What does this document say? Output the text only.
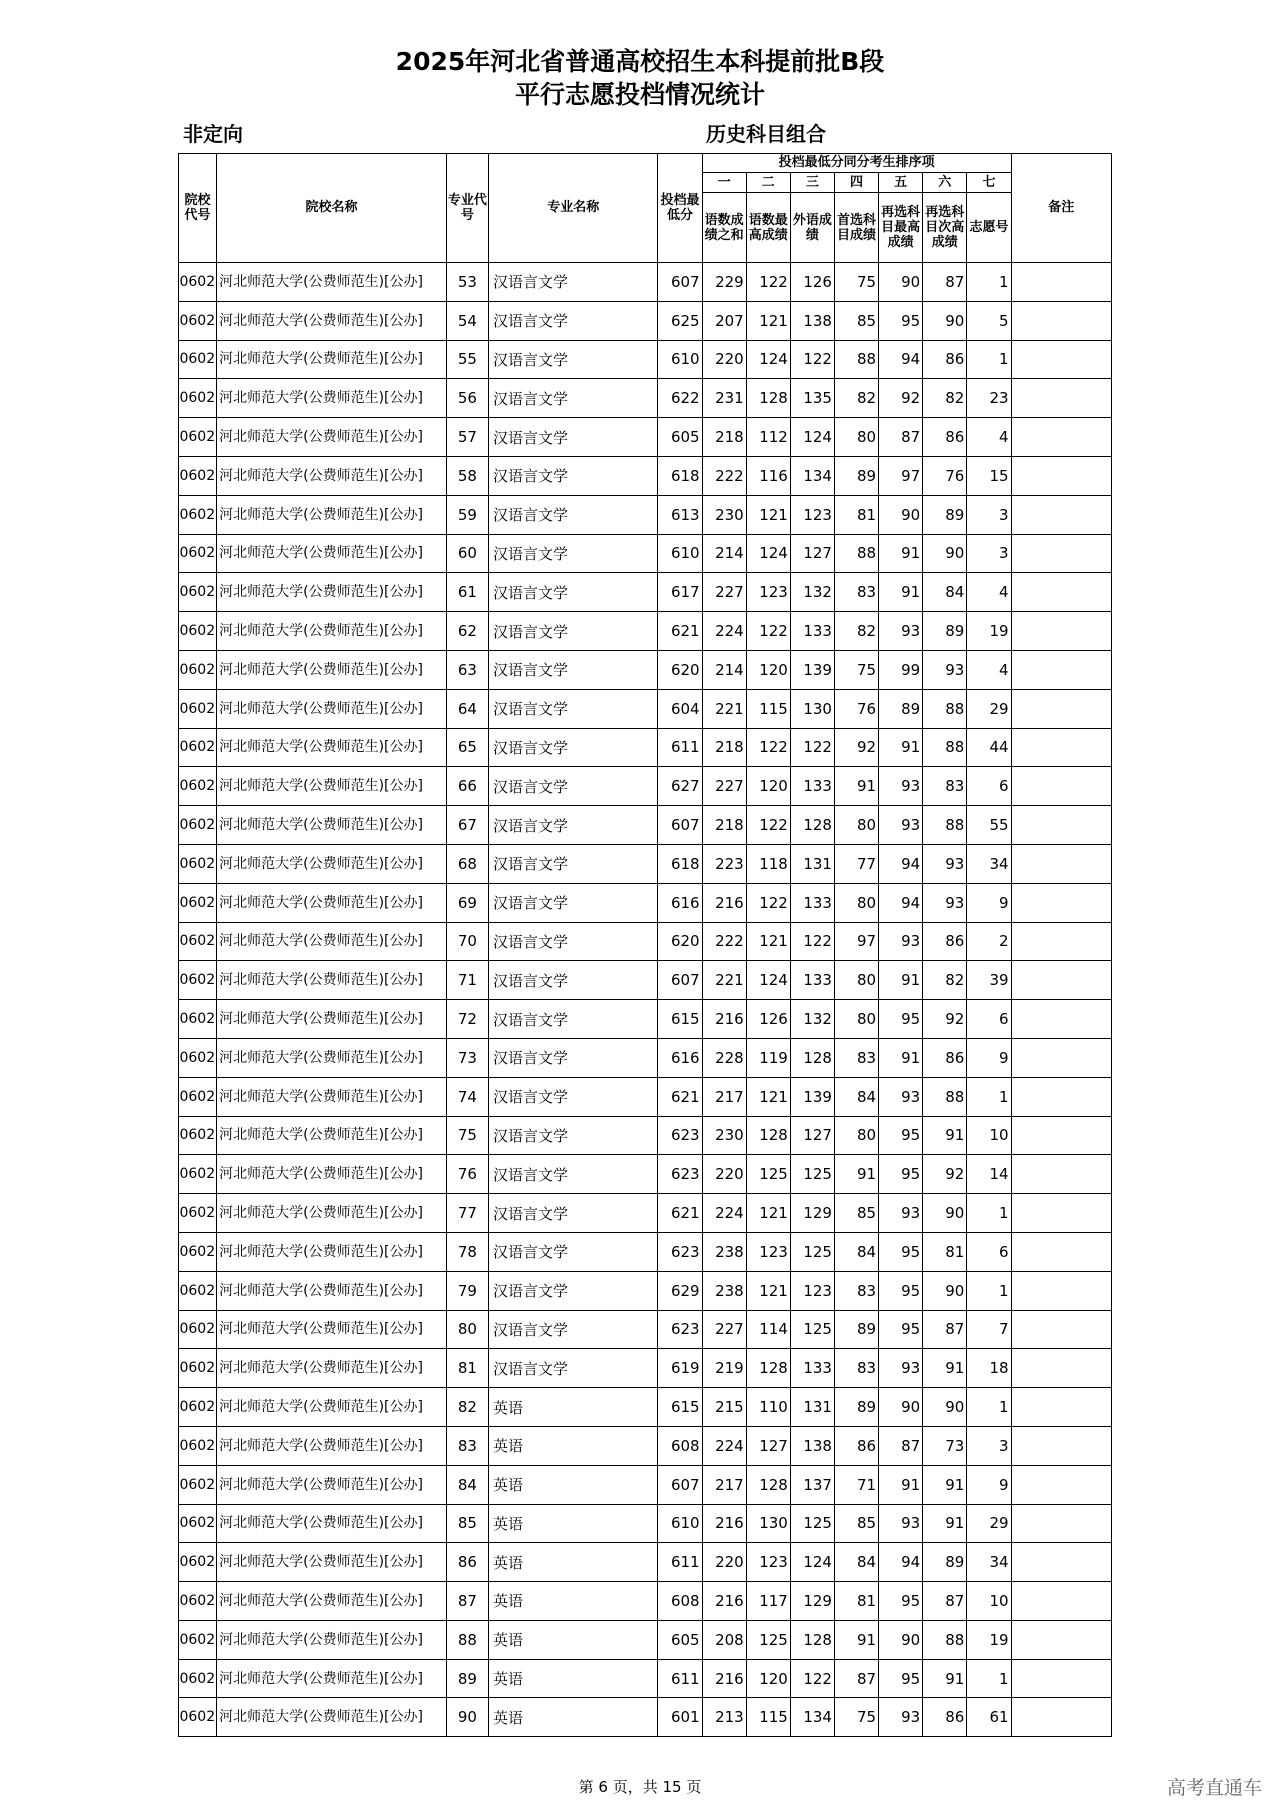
2025年河北省普通高校招生本科提前批B段
平行志愿投档情况统计
非定向	历史科目组合
院校代号	院校名称	专业代号	专业名称	投档最低分	投档最低分同分考生排序项							备注
					一	二	三	四	五	六	七	
					语数成绩之和	语数最高成绩	外语成绩	首选科目成绩	再选科目最高成绩	再选科目次高成绩	志愿号	
0602	河北师范大学(公费师范生)[公办]	53	汉语言文学	607	229	122	126	75	90	87	1	
0602	河北师范大学(公费师范生)[公办]	54	汉语言文学	625	207	121	138	85	95	90	5	
0602	河北师范大学(公费师范生)[公办]	55	汉语言文学	610	220	124	122	88	94	86	1	
0602	河北师范大学(公费师范生)[公办]	56	汉语言文学	622	231	128	135	82	92	82	23	
0602	河北师范大学(公费师范生)[公办]	57	汉语言文学	605	218	112	124	80	87	86	4	
0602	河北师范大学(公费师范生)[公办]	58	汉语言文学	618	222	116	134	89	97	76	15	
0602	河北师范大学(公费师范生)[公办]	59	汉语言文学	613	230	121	123	81	90	89	3	
0602	河北师范大学(公费师范生)[公办]	60	汉语言文学	610	214	124	127	88	91	90	3	
0602	河北师范大学(公费师范生)[公办]	61	汉语言文学	617	227	123	132	83	91	84	4	
0602	河北师范大学(公费师范生)[公办]	62	汉语言文学	621	224	122	133	82	93	89	19	
0602	河北师范大学(公费师范生)[公办]	63	汉语言文学	620	214	120	139	75	99	93	4	
0602	河北师范大学(公费师范生)[公办]	64	汉语言文学	604	221	115	130	76	89	88	29	
0602	河北师范大学(公费师范生)[公办]	65	汉语言文学	611	218	122	122	92	91	88	44	
0602	河北师范大学(公费师范生)[公办]	66	汉语言文学	627	227	120	133	91	93	83	6	
0602	河北师范大学(公费师范生)[公办]	67	汉语言文学	607	218	122	128	80	93	88	55	
0602	河北师范大学(公费师范生)[公办]	68	汉语言文学	618	223	118	131	77	94	93	34	
0602	河北师范大学(公费师范生)[公办]	69	汉语言文学	616	216	122	133	80	94	93	9	
0602	河北师范大学(公费师范生)[公办]	70	汉语言文学	620	222	121	122	97	93	86	2	
0602	河北师范大学(公费师范生)[公办]	71	汉语言文学	607	221	124	133	80	91	82	39	
0602	河北师范大学(公费师范生)[公办]	72	汉语言文学	615	216	126	132	80	95	92	6	
0602	河北师范大学(公费师范生)[公办]	73	汉语言文学	616	228	119	128	83	91	86	9	
0602	河北师范大学(公费师范生)[公办]	74	汉语言文学	621	217	121	139	84	93	88	1	
0602	河北师范大学(公费师范生)[公办]	75	汉语言文学	623	230	128	127	80	95	91	10	
0602	河北师范大学(公费师范生)[公办]	76	汉语言文学	623	220	125	125	91	95	92	14	
0602	河北师范大学(公费师范生)[公办]	77	汉语言文学	621	224	121	129	85	93	90	1	
0602	河北师范大学(公费师范生)[公办]	78	汉语言文学	623	238	123	125	84	95	81	6	
0602	河北师范大学(公费师范生)[公办]	79	汉语言文学	629	238	121	123	83	95	90	1	
0602	河北师范大学(公费师范生)[公办]	80	汉语言文学	623	227	114	125	89	95	87	7	
0602	河北师范大学(公费师范生)[公办]	81	汉语言文学	619	219	128	133	83	93	91	18	
0602	河北师范大学(公费师范生)[公办]	82	英语	615	215	110	131	89	90	90	1	
0602	河北师范大学(公费师范生)[公办]	83	英语	608	224	127	138	86	87	73	3	
0602	河北师范大学(公费师范生)[公办]	84	英语	607	217	128	137	71	91	91	9	
0602	河北师范大学(公费师范生)[公办]	85	英语	610	216	130	125	85	93	91	29	
0602	河北师范大学(公费师范生)[公办]	86	英语	611	220	123	124	84	94	89	34	
0602	河北师范大学(公费师范生)[公办]	87	英语	608	216	117	129	81	95	87	10	
0602	河北师范大学(公费师范生)[公办]	88	英语	605	208	125	128	91	90	88	19	
0602	河北师范大学(公费师范生)[公办]	89	英语	611	216	120	122	87	95	91	1	
0602	河北师范大学(公费师范生)[公办]	90	英语	601	213	115	134	75	93	86	61	
第 6 页，共 15 页	高考直通车
